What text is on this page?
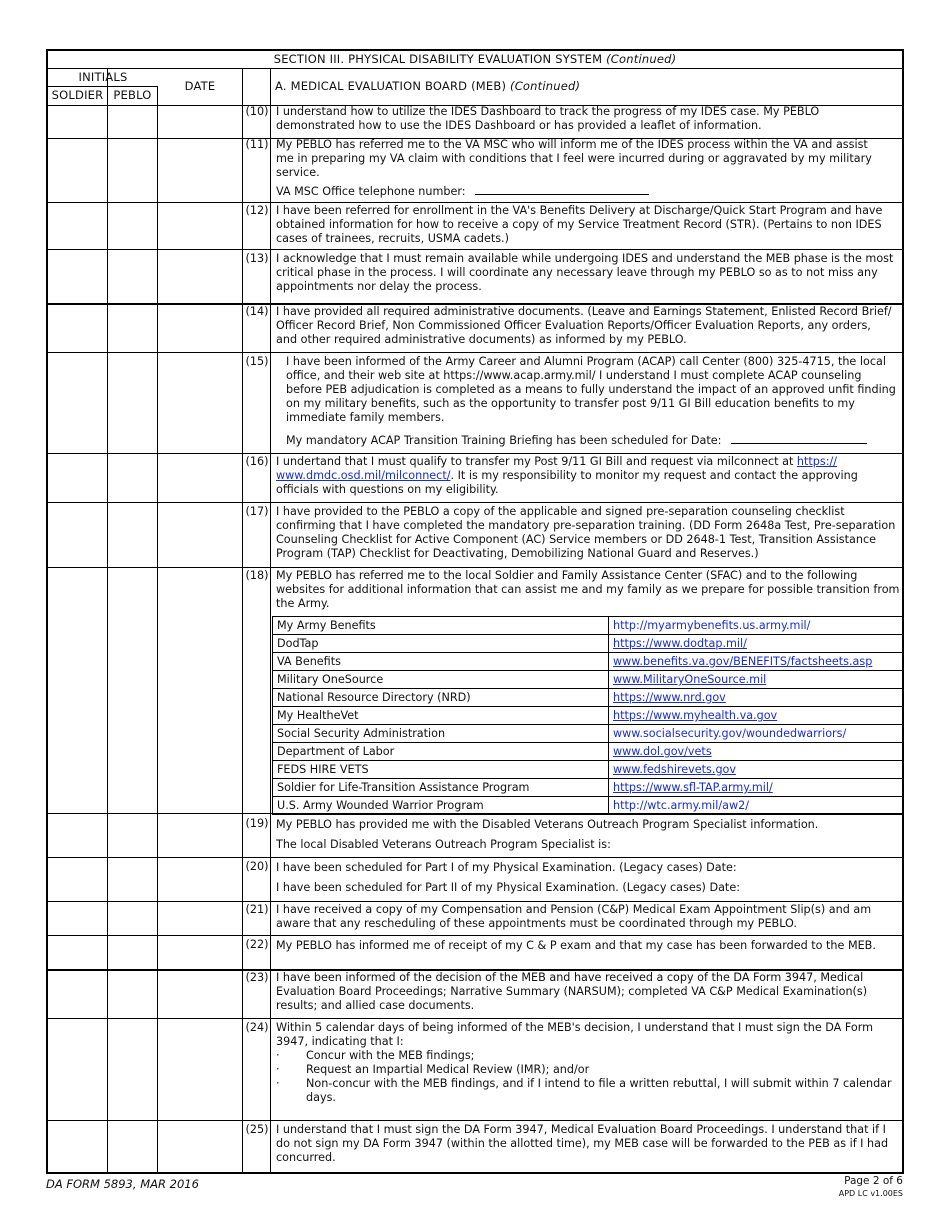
SECTION III. PHYSICAL DISABILITY EVALUATION SYSTEM (Continued)
INITIALS
SOLDIER PEBLO
DATE	A. MEDICAL EVALUATION BOARD (MEB) (Continued)
(10) I understand how to utilize the IDES Dashboard to track the progress of my IDES case. My PEBLO
demonstrated how to use the IDES Dashboard or has provided a leaflet of information.
(11) My PEBLO has referred me to the VA MSC who will inform me of the IDES process within the VA and assist
me in preparing my VA claim with conditions that I feel were incurred during or aggravated by my military
service.
VA MSC Office telephone number:
(12) I have been referred for enrollment in the VA's Benefits Delivery at Discharge/Quick Start Program and have
obtained information for how to receive a copy of my Service Treatment Record (STR). (Pertains to non IDES
cases of trainees, recruits, USMA cadets.)
(13) I acknowledge that I must remain available while undergoing IDES and understand the MEB phase is the most
critical phase in the process. I will coordinate any necessary leave through my PEBLO so as to not miss any
appointments nor delay the process.
(14) I have provided all required administrative documents. (Leave and Earnings Statement, Enlisted Record Brief/
Officer Record Brief, Non Commissioned Officer Evaluation Reports/Officer Evaluation Reports, any orders,
and other required administrative documents) as informed by my PEBLO.
(15) I have been informed of the Army Career and Alumni Program (ACAP) call Center (800) 325-4715, the local
office, and their web site at https://www.acap.army.mil/ I understand I must complete ACAP counseling
before PEB adjudication is completed as a means to fully understand the impact of an approved unfit finding
on my military benefits, such as the opportunity to transfer post 9/11 GI Bill education benefits to my
immediate family members.
My mandatory ACAP Transition Training Briefing has been scheduled for Date:
(16) I undertand that I must qualify to transfer my Post 9/11 GI Bill and request via milconnect at https://
www.dmdc.osd.mil/milconnect/. It is my responsibility to monitor my request and contact the approving
officials with questions on my eligibility.
(17) I have provided to the PEBLO a copy of the applicable and signed pre-separation counseling checklist
confirming that I have completed the mandatory pre-separation training. (DD Form 2648a Test, Pre-separation
Counseling Checklist for Active Component (AC) Service members or DD 2648-1 Test, Transition Assistance
Program (TAP) Checklist for Deactivating, Demobilizing National Guard and Reserves.)
(18) My PEBLO has referred me to the local Soldier and Family Assistance Center (SFAC) and to the following
websites for additional information that can assist me and my family as we prepare for possible transition from
the Army.
My Army Benefits	http://myarmybenefits.us.army.mil/
DodTap	https://www.dodtap.mil/
VA Benefits	www.benefits.va.gov/BENEFITS/factsheets.asp
Military OneSource	www.MilitaryOneSource.mil
National Resource Directory (NRD)	https://www.nrd.gov
My HealtheVet	https://www.myhealth.va.gov
Social Security Administration	www.socialsecurity.gov/woundedwarriors/
Department of Labor	www.dol.gov/vets
FEDS HIRE VETS	www.fedshirevets.gov
Soldier for Life-Transition Assistance Program	https://www.sfl-TAP.army.mil/
U.S. Army Wounded Warrior Program	http://wtc.army.mil/aw2/
(19) My PEBLO has provided me with the Disabled Veterans Outreach Program Specialist information.
The local Disabled Veterans Outreach Program Specialist is:
(20) I have been scheduled for Part I of my Physical Examination. (Legacy cases) Date:
I have been scheduled for Part II of my Physical Examination. (Legacy cases) Date:
(21) I have received a copy of my Compensation and Pension (C&P) Medical Exam Appointment Slip(s) and am
aware that any rescheduling of these appointments must be coordinated through my PEBLO.
(22) My PEBLO has informed me of receipt of my C & P exam and that my case has been forwarded to the MEB.
(23) I have been informed of the decision of the MEB and have received a copy of the DA Form 3947, Medical
Evaluation Board Proceedings; Narrative Summary (NARSUM); completed VA C&P Medical Examination(s)
results; and allied case documents.
(24) Within 5 calendar days of being informed of the MEB's decision, I understand that I must sign the DA Form
3947, indicating that I:
· Concur with the MEB findings;
· Request an Impartial Medical Review (IMR); and/or
· Non-concur with the MEB findings, and if I intend to file a written rebuttal, I will submit within 7 calendar
days.
(25) I understand that I must sign the DA Form 3947, Medical Evaluation Board Proceedings. I understand that if I
do not sign my DA Form 3947 (within the allotted time), my MEB case will be forwarded to the PEB as if I had
concurred.
DA FORM 5893, MAR 2016	Page 2 of 6
APD LC v1.00ES
